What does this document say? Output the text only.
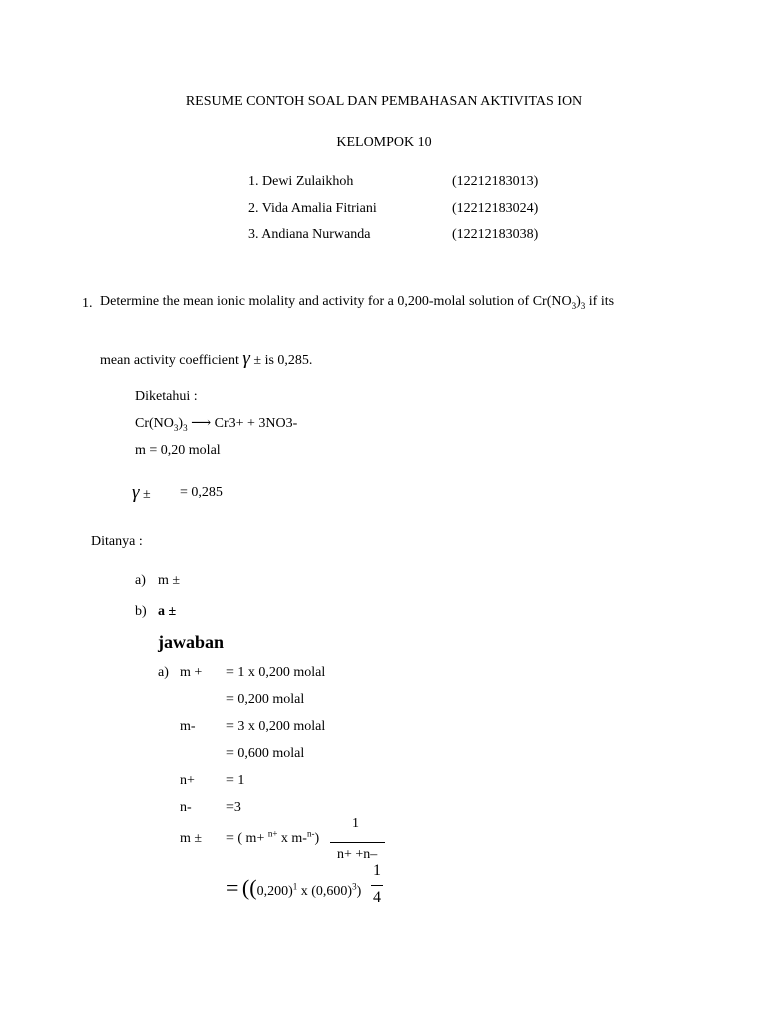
RESUME CONTOH SOAL DAN PEMBAHASAN AKTIVITAS ION
KELOMPOK 10
1. Dewi Zulaikhoh	(12212183013)
2. Vida Amalia Fitriani	(12212183024)
3. Andiana Nurwanda	(12212183038)
1. Determine the mean ionic molality and activity for a 0,200-molal solution of $Cr(NO_3)_3$ if its
mean activity coefficient γ ± is 0,285.
Diketahui :
$Cr(NO_3)_3$ ⟶ Cr3+ + 3NO3-
m = 0,20 molal
γ ± = 0,285
Ditanya :
a) m ±
b) a ±
jawaban
a) m + = 1 x 0,200 molal
= 0,200 molal
m- = 3 x 0,200 molal
= 0,600 molal
n+ = 1
n- =3
m ± = ( m+ $^{n+}$ x m-$^{n-}$)
1
n+ +n–
= ($(0,200)^1$ x $(0,600)^3$)
1
4
